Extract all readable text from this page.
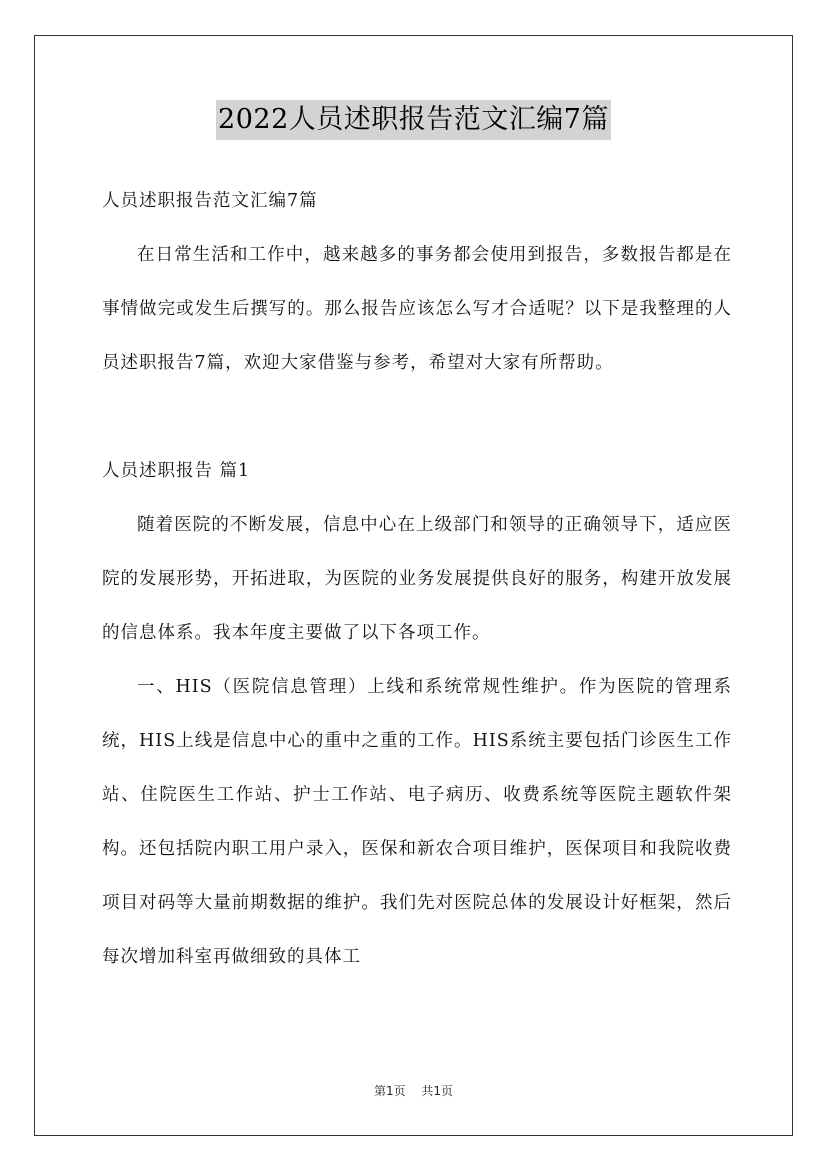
2022人员述职报告范文汇编7篇

人员述职报告范文汇编7篇

在日常生活和工作中，越来越多的事务都会使用到报告，多数报告都是在事情做完或发生后撰写的。那么报告应该怎么写才合适呢？以下是我整理的人员述职报告7篇，欢迎大家借鉴与参考，希望对大家有所帮助。

人员述职报告 篇1

随着医院的不断发展，信息中心在上级部门和领导的正确领导下，适应医院的发展形势，开拓进取，为医院的业务发展提供良好的服务，构建开放发展的信息体系。我本年度主要做了以下各项工作。

一、HIS（医院信息管理）上线和系统常规性维护。作为医院的管理系统，HIS上线是信息中心的重中之重的工作。HIS系统主要包括门诊医生工作站、住院医生工作站、护士工作站、电子病历、收费系统等医院主题软件架构。还包括院内职工用户录入，医保和新农合项目维护，医保项目和我院收费项目对码等大量前期数据的维护。我们先对医院总体的发展设计好框架，然后每次增加科室再做细致的具体工

第1页 共1页
